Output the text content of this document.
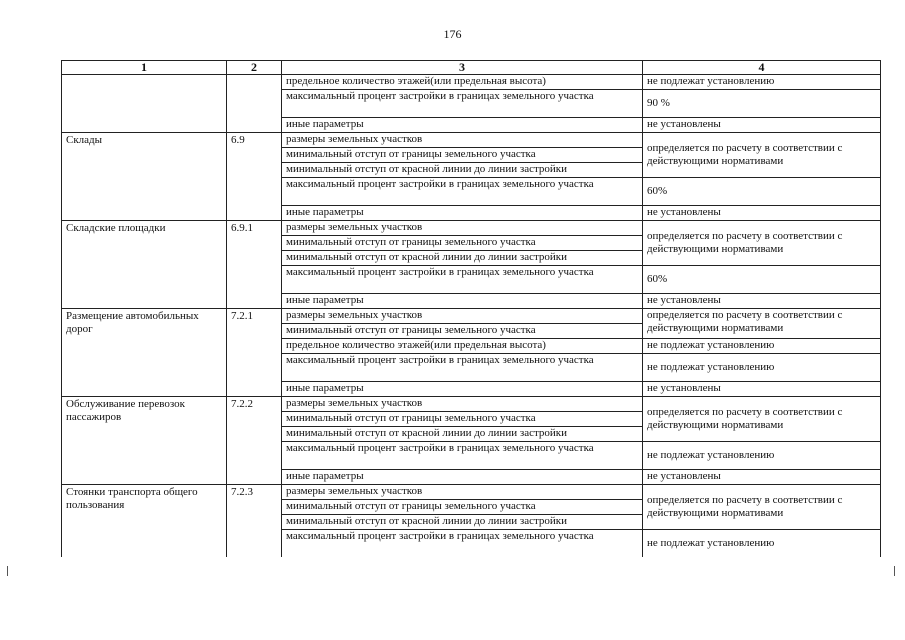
176
1	2	3	4
		предельное количество этажей(или предельная высота)	не подлежат установлению
		максимальный процент застройки в границах земельного участка	90 %
		иные параметры	не установлены
Склады	6.9	размеры земельных участков	определяется по расчету в соответствии с действующими нормативами
		минимальный отступ от границы земельного участка	
		минимальный отступ от красной линии до линии застройки	
		максимальный процент застройки в границах земельного участка	60%
		иные параметры	не установлены
Складские площадки	6.9.1	размеры земельных участков	определяется по расчету в соответствии с действующими нормативами
		минимальный отступ от границы земельного участка	
		минимальный отступ от красной линии до линии застройки	
		максимальный процент застройки в границах земельного участка	60%
		иные параметры	не установлены
Размещение автомобильных дорог	7.2.1	размеры земельных участков	определяется по расчету в соответствии с действующими нормативами
		минимальный отступ от границы земельного участка	
		предельное количество этажей(или предельная высота)	не подлежат установлению
		максимальный процент застройки в границах земельного участка	не подлежат установлению
		иные параметры	не установлены
Обслуживание перевозок пассажиров	7.2.2	размеры земельных участков	определяется по расчету в соответствии с действующими нормативами
		минимальный отступ от границы земельного участка	
		минимальный отступ от красной линии до линии застройки	
		максимальный процент застройки в границах земельного участка	не подлежат установлению
		иные параметры	не установлены
Стоянки транспорта общего пользования	7.2.3	размеры земельных участков	определяется по расчету в соответствии с действующими нормативами
		минимальный отступ от границы земельного участка	
		минимальный отступ от красной линии до линии застройки	
		максимальный процент застройки в границах земельного участка	не подлежат установлению
